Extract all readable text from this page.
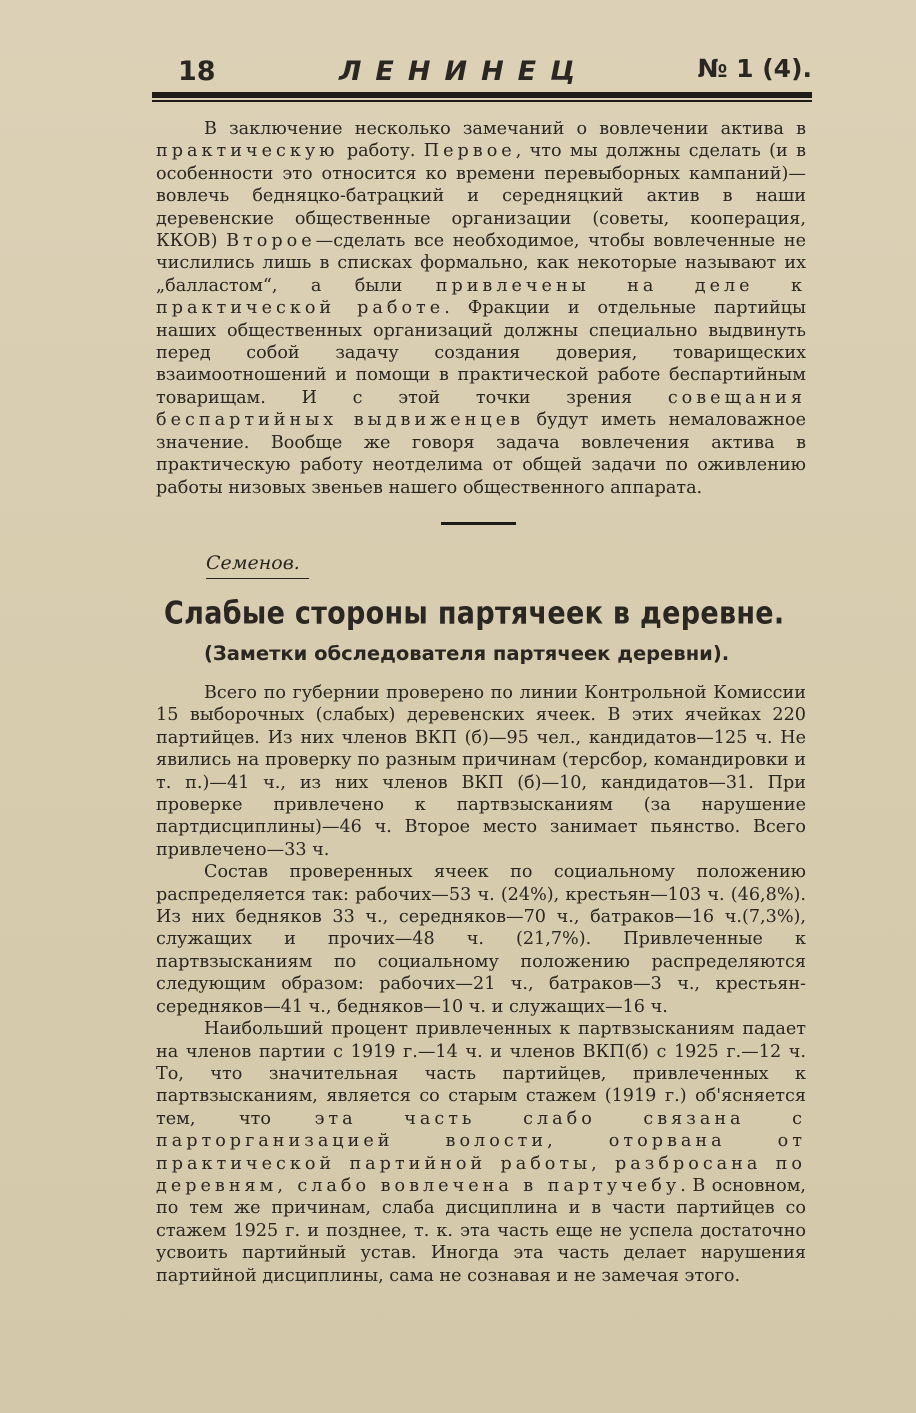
18	ЛЕНИНЕЦ	№ 1 (4).

В заключение несколько замечаний о вовлечении актива в практическую работу. Первое, что мы должны сделать (и в особенности это относится ко времени перевыборных кампаний)—вовлечь бедняцко-батрацкий и середняцкий актив в наши деревенские общественные организации (советы, кооперация, ККОВ) Второе—сделать все необходимое, чтобы вовлеченные не числились лишь в списках формально, как некоторые называют их „балластом“, а были привлечены на деле к практической работе. Фракции и отдельные партийцы наших общественных организаций должны специально выдвинуть перед собой задачу создания доверия, товарищеских взаимоотношений и помощи в практической работе беспартийным товарищам. И с этой точки зрения совещания беспартийных выдвиженцев будут иметь немаловажное значение. Вообще же говоря задача вовлечения актива в практическую работу неотделима от общей задачи по оживлению работы низовых звеньев нашего общественного аппарата.

Семенов.
Слабые стороны партячеек в деревне.
(Заметки обследователя партячеек деревни).

Всего по губернии проверено по линии Контрольной Комиссии 15 выборочных (слабых) деревенских ячеек. В этих ячейках 220 партийцев. Из них членов ВКП (б)—95 чел., кандидатов—125 ч. Не явились на проверку по разным причинам (терсбор, командировки и т. п.)—41 ч., из них членов ВКП (б)—10, кандидатов—31. При проверке привлечено к партвзысканиям (за нарушение партдисциплины)—46 ч. Второе место занимает пьянство. Всего привлечено—33 ч.

Состав проверенных ячеек по социальному положению распределяется так: рабочих—53 ч. (24%), крестьян—103 ч. (46,8%). Из них бедняков 33 ч., середняков—70 ч., батраков—16 ч.(7,3%), служащих и прочих—48 ч. (21,7%). Привлеченные к партвзысканиям по социальному положению распределяются следующим образом: рабочих—21 ч., батраков—3 ч., крестьян-середняков—41 ч., бедняков—10 ч. и служащих—16 ч.

Наибольший процент привлеченных к партвзысканиям падает на членов партии с 1919 г.—14 ч. и членов ВКП(б) с 1925 г.—12 ч. То, что значительная часть партийцев, привлеченных к партвзысканиям, является со старым стажем (1919 г.) об'ясняется тем, что эта часть слабо связана с парторганизацией волости, оторвана от практической партийной работы, разбросана по деревням, слабо вовлечена в партучебу. В основном, по тем же причинам, слаба дисциплина и в части партийцев со стажем 1925 г. и позднее, т. к. эта часть еще не успела достаточно усвоить партийный устав. Иногда эта часть делает нарушения партийной дисциплины, сама не сознавая и не замечая этого.
